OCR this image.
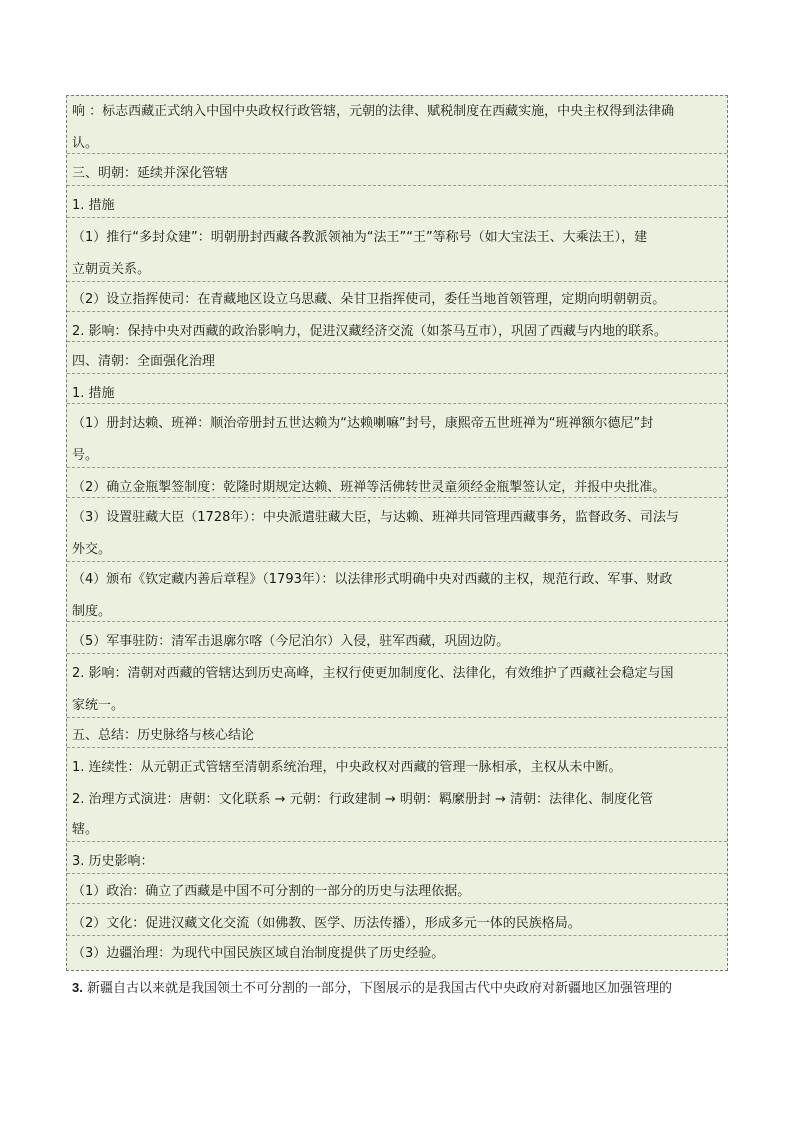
响 ：标志西藏正式纳入中国中央政权行政管辖，元朝的法律、赋税制度在西藏实施，中央主权得到法律确
认。
三、明朝：延续并深化管辖
1. 措施
（1）推行“多封众建”：明朝册封西藏各教派领袖为“法王”“王”等称号（如大宝法王、大乘法王），建
立朝贡关系。
（2）设立指挥使司：在青藏地区设立乌思藏、朵甘卫指挥使司，委任当地首领管理，定期向明朝朝贡。
2. 影响：保持中央对西藏的政治影响力，促进汉藏经济交流（如茶马互市），巩固了西藏与内地的联系。
四、清朝：全面强化治理
1. 措施
（1）册封达赖、班禅：顺治帝册封五世达赖为“达赖喇嘛”封号，康熙帝五世班禅为“班禅额尔德尼”封
号。
（2）确立金瓶掣签制度：乾隆时期规定达赖、班禅等活佛转世灵童须经金瓶掣签认定，并报中央批准。
（3）设置驻藏大臣（1728年）：中央派遣驻藏大臣，与达赖、班禅共同管理西藏事务，监督政务、司法与
外交。
（4）颁布《钦定藏内善后章程》（1793年）：以法律形式明确中央对西藏的主权，规范行政、军事、财政
制度。
（5）军事驻防：清军击退廓尔喀（今尼泊尔）入侵，驻军西藏，巩固边防。
2. 影响：清朝对西藏的管辖达到历史高峰，主权行使更加制度化、法律化，有效维护了西藏社会稳定与国
家统一。
五、总结：历史脉络与核心结论
1. 连续性：从元朝正式管辖至清朝系统治理，中央政权对西藏的管理一脉相承，主权从未中断。
2. 治理方式演进：唐朝：文化联系 → 元朝：行政建制 → 明朝：羁縻册封 → 清朝：法律化、制度化管
辖。
3. 历史影响：
（1）政治：确立了西藏是中国不可分割的一部分的历史与法理依据。
（2）文化：促进汉藏文化交流（如佛教、医学、历法传播），形成多元一体的民族格局。
（3）边疆治理：为现代中国民族区域自治制度提供了历史经验。
3. 新疆自古以来就是我国领土不可分割的一部分，下图展示的是我国古代中央政府对新疆地区加强管理的
